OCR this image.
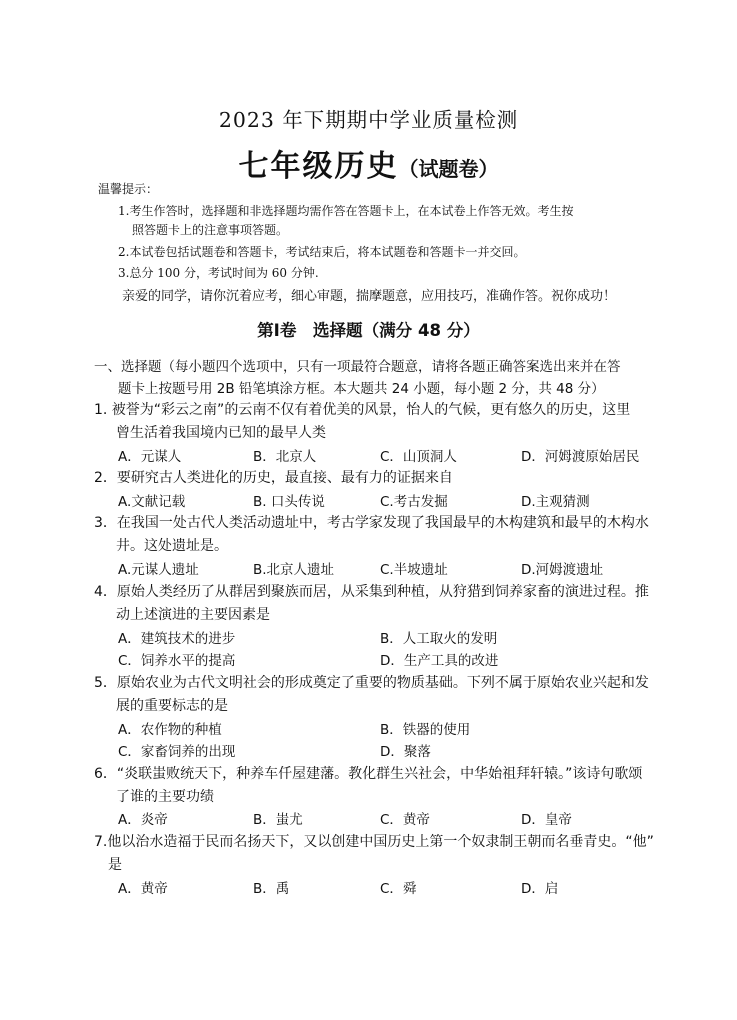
2023 年下期期中学业质量检测
七年级历史（试题卷）
温馨提示：
1.考生作答时，选择题和非选择题均需作答在答题卡上，在本试卷上作答无效。考生按
照答题卡上的注意事项答题。
2.本试卷包括试题卷和答题卡，考试结束后，将本试题卷和答题卡一并交回。
3.总分 100 分，考试时间为 60 分钟.
亲爱的同学，请你沉着应考，细心审题，揣摩题意，应用技巧，准确作答。祝你成功！
第Ⅰ卷　选择题（满分 48 分）
一、选择题（每小题四个选项中，只有一项最符合题意，请将各题正确答案选出来并在答
题卡上按题号用 2B 铅笔填涂方框。本大题共 24 小题，每小题 2 分，共 48 分）
1. 被誉为“彩云之南”的云南不仅有着优美的风景，怡人的气候，更有悠久的历史，这里
曾生活着我国境内已知的最早人类
A．元谋人	B．北京人	C．山顶洞人	D．河姆渡原始居民
2．要研究古人类进化的历史，最直接、最有力的证据来自
A.文献记载	B. 口头传说	C.考古发掘	D.主观猜测
3．在我国一处古代人类活动遗址中，考古学家发现了我国最早的木构建筑和最早的木构水
井。这处遗址是。
A.元谋人遗址	B.北京人遗址	C.半坡遗址	D.河姆渡遗址
4．原始人类经历了从群居到聚族而居，从采集到种植，从狩猎到饲养家畜的演进过程。推
动上述演进的主要因素是
A．建筑技术的进步	B．人工取火的发明
C．饲养水平的提高	D．生产工具的改进
5．原始农业为古代文明社会的形成奠定了重要的物质基础。下列不属于原始农业兴起和发
展的重要标志的是
A．农作物的种植	B．铁器的使用
C．家畜饲养的出现	D．聚落
6．“炎联蚩败统天下，种养车仟屋建藩。教化群生兴社会，中华始祖拜轩辕。”该诗句歌颂
了谁的主要功绩
A．炎帝	B．蚩尤	C．黄帝	D．皇帝
7.他以治水造福于民而名扬天下，又以创建中国历史上第一个奴隶制王朝而名垂青史。“他”
是
A．黄帝	B．禹	C．舜	D．启
